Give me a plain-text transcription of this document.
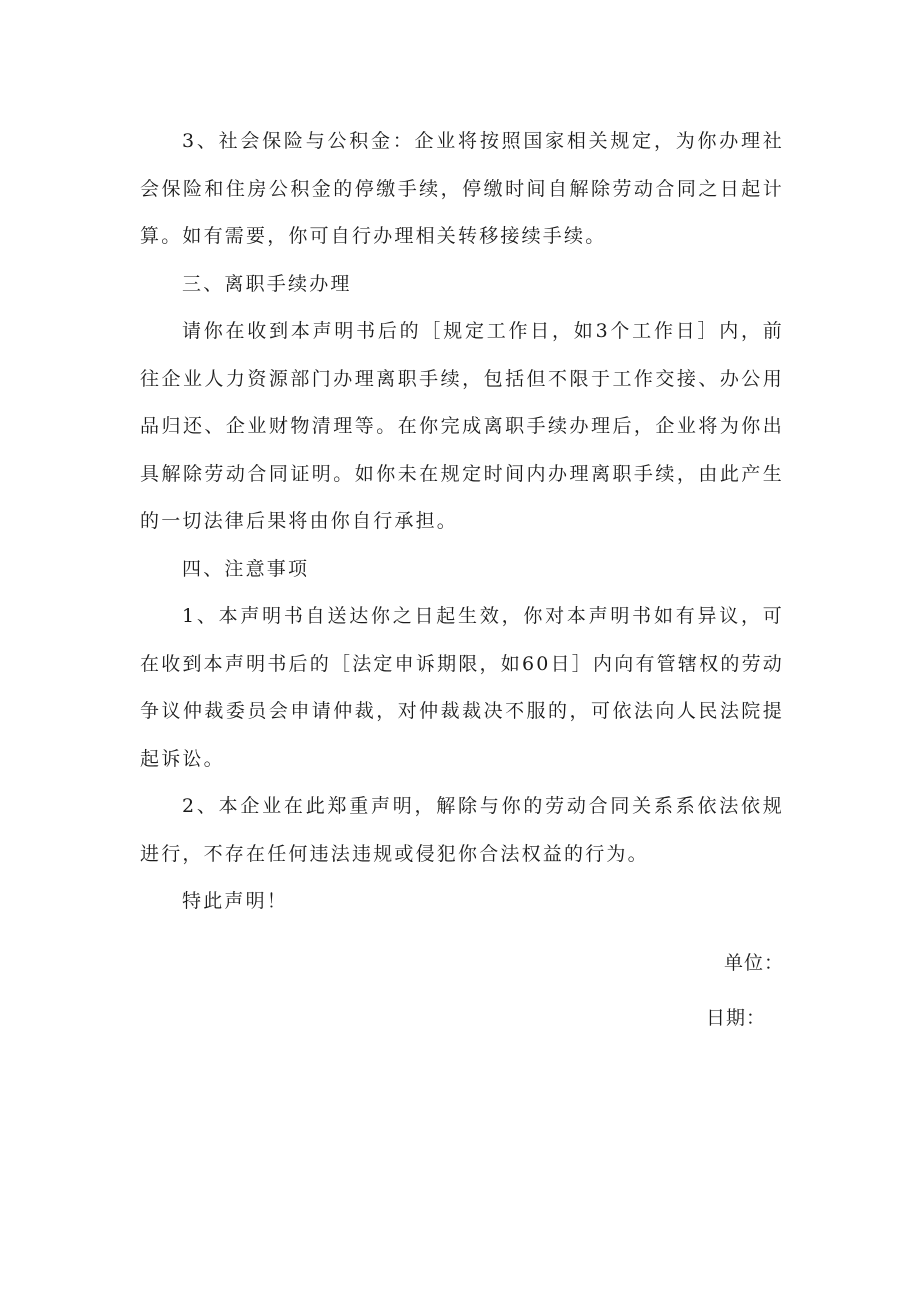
3、社会保险与公积金：企业将按照国家相关规定，为你办理社会保险和住房公积金的停缴手续，停缴时间自解除劳动合同之日起计算。如有需要，你可自行办理相关转移接续手续。

三、离职手续办理

请你在收到本声明书后的［规定工作日，如3个工作日］内，前往企业人力资源部门办理离职手续，包括但不限于工作交接、办公用品归还、企业财物清理等。在你完成离职手续办理后，企业将为你出具解除劳动合同证明。如你未在规定时间内办理离职手续，由此产生的一切法律后果将由你自行承担。

四、注意事项

1、本声明书自送达你之日起生效，你对本声明书如有异议，可在收到本声明书后的［法定申诉期限，如60日］内向有管辖权的劳动争议仲裁委员会申请仲裁，对仲裁裁决不服的，可依法向人民法院提起诉讼。

2、本企业在此郑重声明，解除与你的劳动合同关系系依法依规进行，不存在任何违法违规或侵犯你合法权益的行为。

特此声明！

单位：

日期：
